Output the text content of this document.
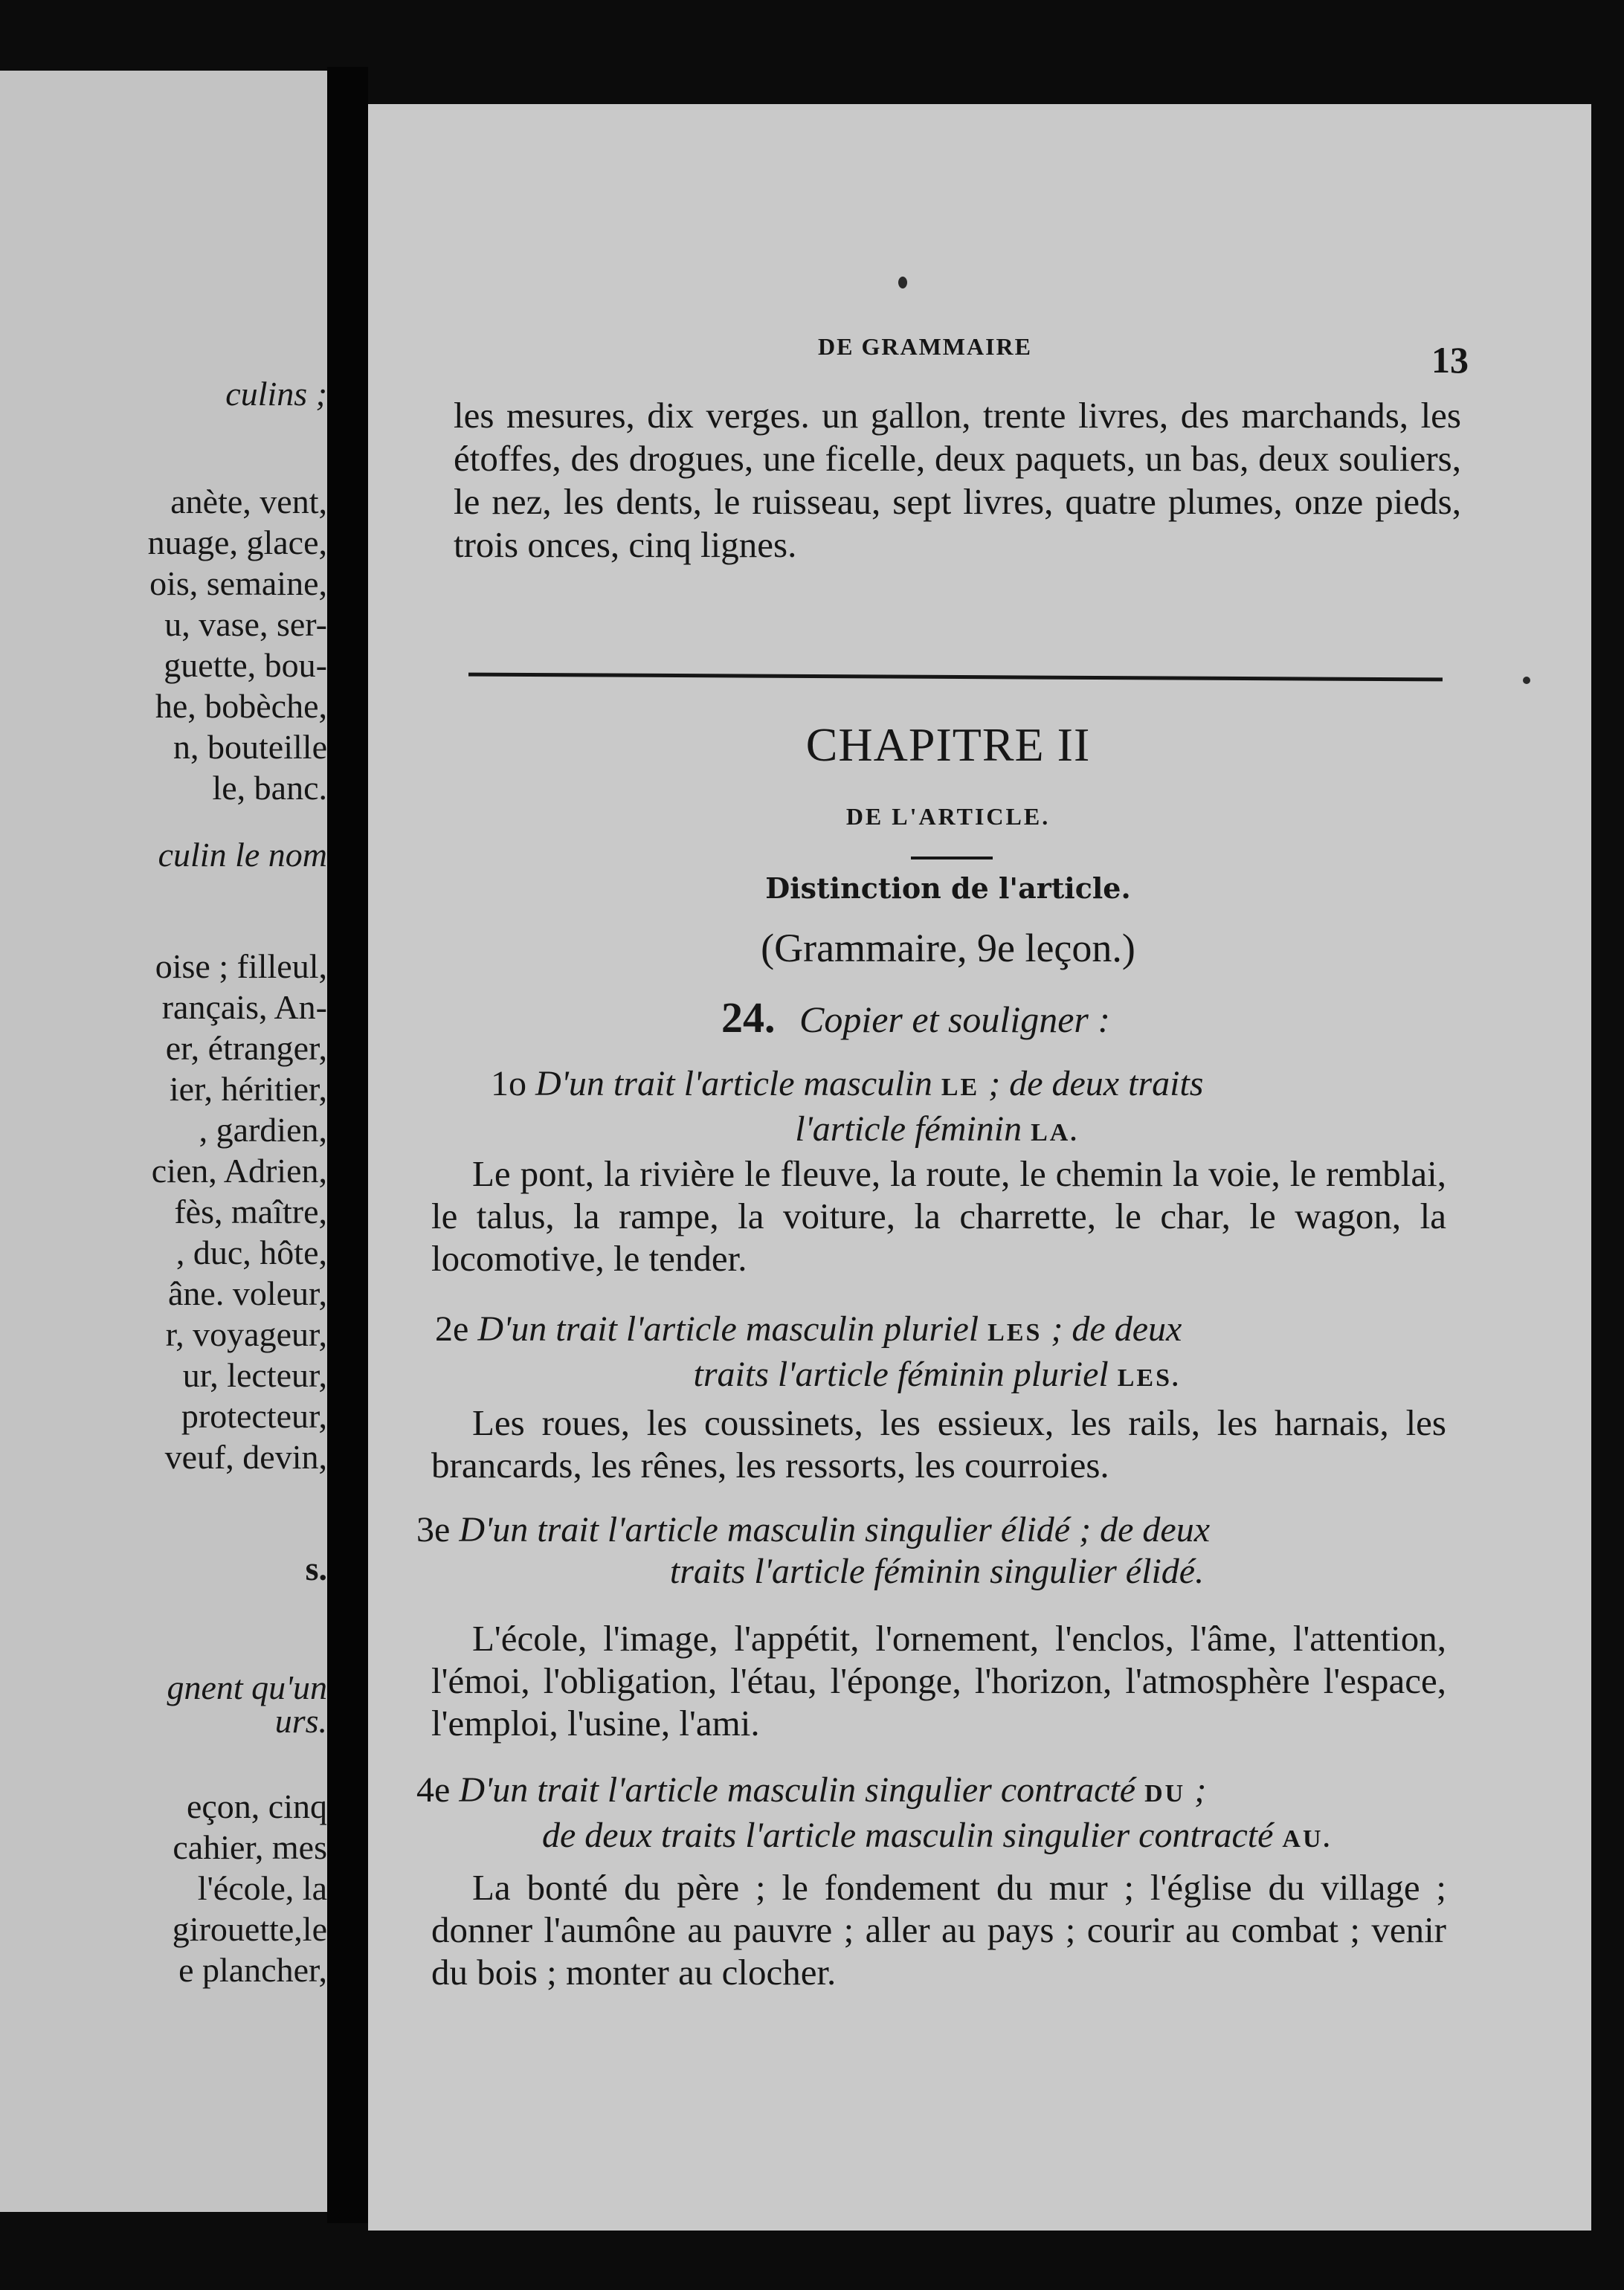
culins ;
anète, vent,
nuage, glace,
ois, semaine,
u, vase, ser-
guette, bou-
he, bobèche,
n, bouteille
le, banc.
culin le nom
oise ; filleul,
rançais, An-
er, étranger,
ier, héritier,
, gardien,
cien, Adrien,
fès, maître,
, duc, hôte,
âne. voleur,
r, voyageur,
ur, lecteur,
protecteur,
veuf, devin,
s.
gnent qu'un
urs.
eçon, cinq
cahier, mes
l'école, la
girouette,le
e plancher,
DE GRAMMAIRE	13
les mesures, dix verges. un gallon, trente livres, des marchands, les étoffes, des drogues, une ficelle, deux paquets, un bas, deux souliers, le nez, les dents, le ruisseau, sept livres, quatre plumes, onze pieds, trois onces, cinq lignes.
CHAPITRE II
DE L'ARTICLE.
Distinction de l'article.
(Grammaire, 9e leçon.)
24. Copier et souligner :
1o D'un trait l'article masculin LE ; de deux traits
l'article féminin LA.
Le pont, la rivière le fleuve, la route, le chemin la voie, le remblai, le talus, la rampe, la voiture, la charrette, le char, le wagon, la locomotive, le tender.
2e D'un trait l'article masculin pluriel LES ; de deux
traits l'article féminin pluriel LES.
Les roues, les coussinets, les essieux, les rails, les harnais, les brancards, les rênes, les ressorts, les courroies.
3e D'un trait l'article masculin singulier élidé ; de deux
traits l'article féminin singulier élidé.
L'école, l'image, l'appétit, l'ornement, l'enclos, l'âme, l'attention, l'émoi, l'obligation, l'étau, l'éponge, l'horizon, l'atmosphère l'espace, l'emploi, l'usine, l'ami.
4e D'un trait l'article masculin singulier contracté DU ;
de deux traits l'article masculin singulier contracté AU.
La bonté du père ; le fondement du mur ; l'église du village ; donner l'aumône au pauvre ; aller au pays ; courir au combat ; venir du bois ; monter au clocher.
